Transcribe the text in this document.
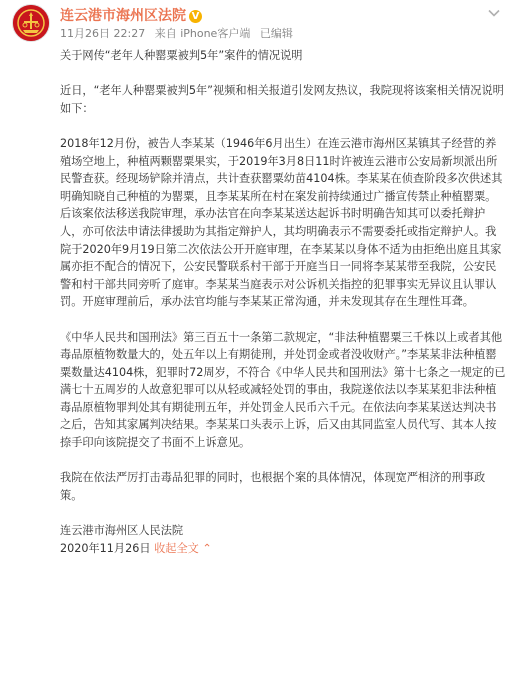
连云港市海州区法院 V
11月26日 22:27 来自 iPhone客户端 已编辑

关于网传“老年人种罂粟被判5年”案件的情况说明

近日，“老年人种罂粟被判5年”视频和相关报道引发网友热议，我院现将该案相关情况说明如下：

2018年12月份，被告人李某某（1946年6月出生）在连云港市海州区某镇其子经营的养殖场空地上，种植两颗罂粟果实，于2019年3月8日11时许被连云港市公安局新坝派出所民警查获。经现场铲除并清点，共计查获罂粟幼苗4104株。李某某在侦查阶段多次供述其明确知晓自己种植的为罂粟，且李某某所在村在案发前持续通过广播宣传禁止种植罂粟。后该案依法移送我院审理，承办法官在向李某某送达起诉书时明确告知其可以委托辩护人，亦可依法申请法律援助为其指定辩护人，其均明确表示不需要委托或指定辩护人。我院于2020年9月19日第二次依法公开开庭审理，在李某某以身体不适为由拒绝出庭且其家属亦拒不配合的情况下，公安民警联系村干部于开庭当日一同将李某某带至我院，公安民警和村干部共同旁听了庭审。李某某当庭表示对公诉机关指控的犯罪事实无异议且认罪认罚。开庭审理前后，承办法官均能与李某某正常沟通，并未发现其存在生理性耳聋。

《中华人民共和国刑法》第三百五十一条第二款规定，“非法种植罂粟三千株以上或者其他毒品原植物数量大的，处五年以上有期徒刑，并处罚金或者没收财产。”李某某非法种植罂粟数量达4104株，犯罪时72周岁，不符合《中华人民共和国刑法》第十七条之一规定的已满七十五周岁的人故意犯罪可以从轻或减轻处罚的事由，我院遂依法以李某某犯非法种植毒品原植物罪判处其有期徒刑五年，并处罚金人民币六千元。在依法向李某某送达判决书之后，告知其家属判决结果。李某某口头表示上诉，后又由其同监室人员代写、其本人按捺手印向该院提交了书面不上诉意见。

我院在依法严厉打击毒品犯罪的同时，也根据个案的具体情况，体现宽严相济的刑事政策。

连云港市海州区人民法院

2020年11月26日 收起全文 ⌃
